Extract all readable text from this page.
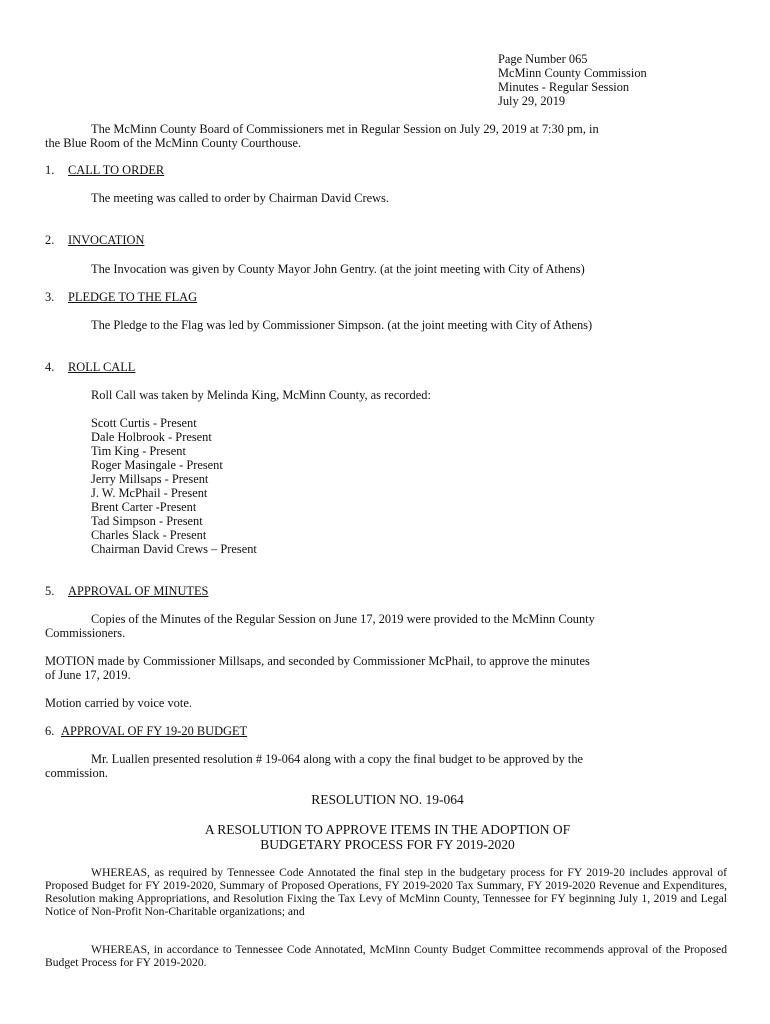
Page Number 065
McMinn County Commission
Minutes - Regular Session
July 29, 2019
The McMinn County Board of Commissioners met in Regular Session on July 29, 2019 at 7:30 pm, in
the Blue Room of the McMinn County Courthouse.
1. CALL TO ORDER
The meeting was called to order by Chairman David Crews.
2. INVOCATION
The Invocation was given by County Mayor John Gentry. (at the joint meeting with City of Athens)
3. PLEDGE TO THE FLAG
The Pledge to the Flag was led by Commissioner Simpson. (at the joint meeting with City of Athens)
4. ROLL CALL
Roll Call was taken by Melinda King, McMinn County, as recorded:
Scott Curtis - Present
Dale Holbrook - Present
Tim King - Present
Roger Masingale - Present
Jerry Millsaps - Present
J. W. McPhail - Present
Brent Carter -Present
Tad Simpson - Present
Charles Slack - Present
Chairman David Crews – Present
5. APPROVAL OF MINUTES
Copies of the Minutes of the Regular Session on June 17, 2019 were provided to the McMinn County
Commissioners.
MOTION made by Commissioner Millsaps, and seconded by Commissioner McPhail, to approve the minutes
of June 17, 2019.
Motion carried by voice vote.
6. APPROVAL OF FY 19-20 BUDGET
Mr. Luallen presented resolution # 19-064 along with a copy the final budget to be approved by the
commission.
RESOLUTION NO. 19-064
A RESOLUTION TO APPROVE ITEMS IN THE ADOPTION OF
BUDGETARY PROCESS FOR FY 2019-2020
WHEREAS, as required by Tennessee Code Annotated the final step in the budgetary process for FY 2019-20 includes approval of Proposed Budget for FY 2019-2020, Summary of Proposed Operations, FY 2019-2020 Tax Summary, FY 2019-2020 Revenue and Expenditures, Resolution making Appropriations, and Resolution Fixing the Tax Levy of McMinn County, Tennessee for FY beginning July 1, 2019 and Legal Notice of Non-Profit Non-Charitable organizations; and
WHEREAS, in accordance to Tennessee Code Annotated, McMinn County Budget Committee recommends approval of the Proposed Budget Process for FY 2019-2020.
